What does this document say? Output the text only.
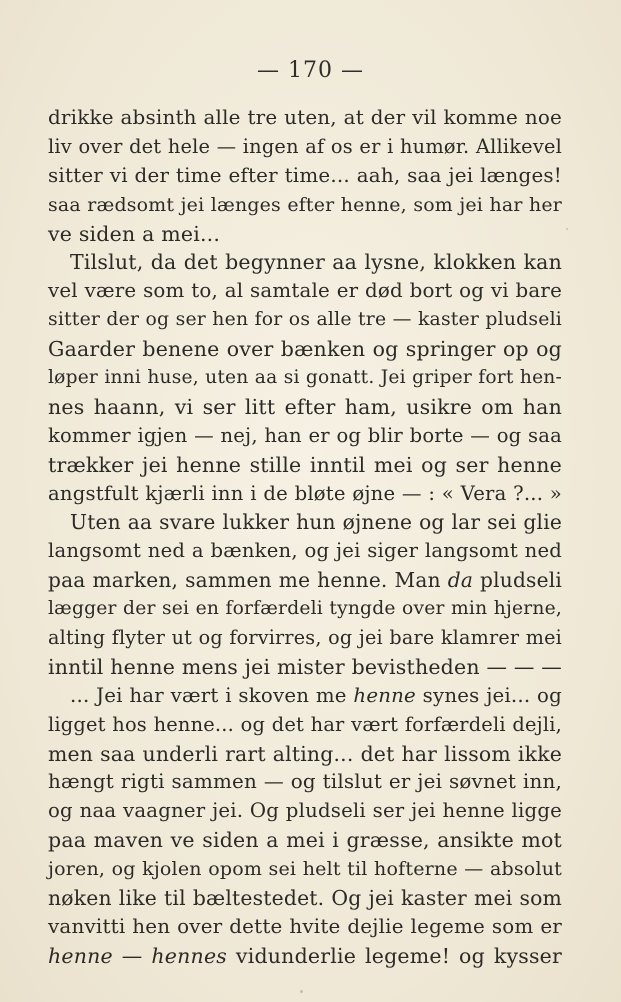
— 170 —
drikke absinth alle tre uten, at der vil komme noe
liv over det hele — ingen af os er i humør. Allikevel
sitter vi der time efter time... aah, saa jei længes!
saa rædsomt jei længes efter henne, som jei har her
ve siden a mei...
Tilslut, da det begynner aa lysne, klokken kan
vel være som to, al samtale er død bort og vi bare
sitter der og ser hen for os alle tre — kaster pludseli
Gaarder benene over bænken og springer op og
løper inni huse, uten aa si gonatt. Jei griper fort hen-
nes haann, vi ser litt efter ham, usikre om han
kommer igjen — nej, han er og blir borte — og saa
trækker jei henne stille inntil mei og ser henne
angstfult kjærli inn i de bløte øjne — : « Vera ?... »
Uten aa svare lukker hun øjnene og lar sei glie
langsomt ned a bænken, og jei siger langsomt ned
paa marken, sammen me henne. Man da pludseli
lægger der sei en forfærdeli tyngde over min hjerne,
alting flyter ut og forvirres, og jei bare klamrer mei
inntil henne mens jei mister bevistheden — — —
... Jei har vært i skoven me henne synes jei... og
ligget hos henne... og det har vært forfærdeli dejli,
men saa underli rart alting... det har lissom ikke
hængt rigti sammen — og tilslut er jei søvnet inn,
og naa vaagner jei. Og pludseli ser jei henne ligge
paa maven ve siden a mei i græsse, ansikte mot
joren, og kjolen opom sei helt til hofterne — absolut
nøken like til bæltestedet. Og jei kaster mei som
vanvitti hen over dette hvite dejlie legeme som er
henne — hennes vidunderlie legeme! og kysser
